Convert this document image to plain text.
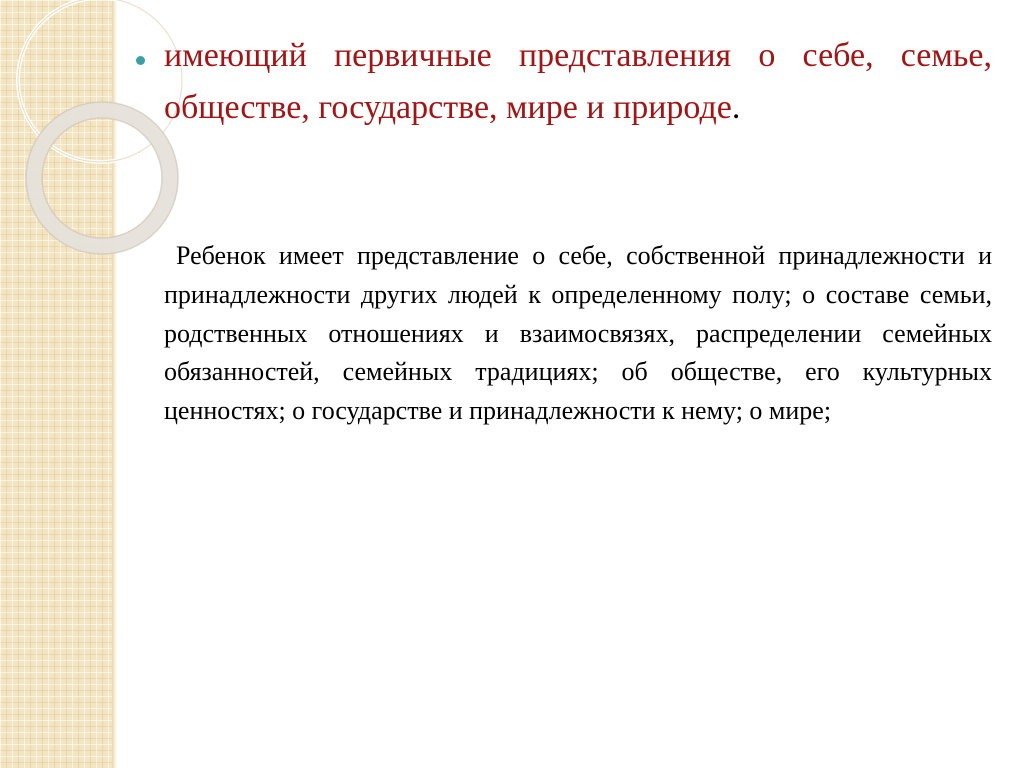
имеющий первичные представления о себе, семье, обществе, государстве, мире и природе.
Ребенок имеет представление о себе, собственной принадлежности и принадлежности других людей к определенному полу; о составе семьи, родственных отношениях и взаимосвязях, распределении семейных обязанностей, семейных традициях; об обществе, его культурных ценностях; о государстве и принадлежности к нему; о мире;
